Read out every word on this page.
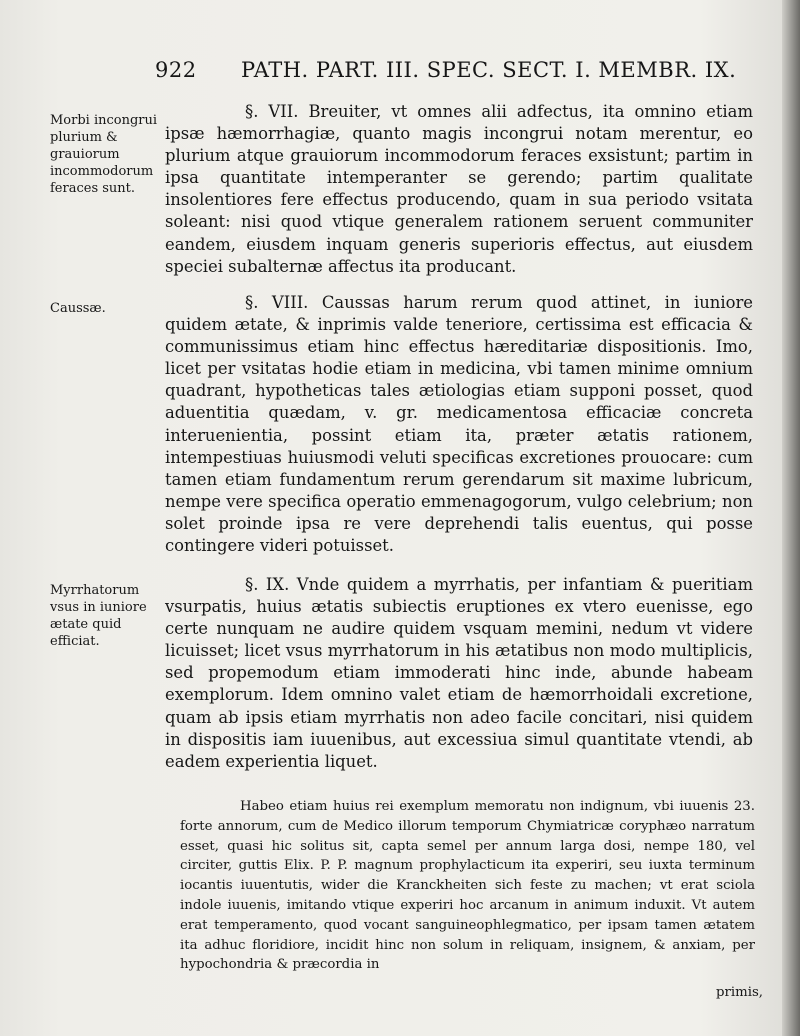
922 PATH. PART. III. SPEC. SECT. I. MEMBR. IX.
Morbi incongrui plurium & grauiorum incommodorum feraces sunt.
Caussæ.
Myrrhatorum vsus in iuniore ætate quid efficiat.

§. VII. Breuiter, vt omnes alii adfectus, ita omnino etiam ipsæ hæmorrhagiæ, quanto magis incongrui notam merentur, eo plurium atque grauiorum incommodorum feraces exsistunt; partim in ipsa quantitate intemperanter se gerendo; partim qualitate insolentiores fere effectus producendo, quam in sua periodo vsitata soleant: nisi quod vtique generalem rationem seruent communiter eandem, eiusdem inquam generis superioris effectus, aut eiusdem speciei subalternæ affectus ita producant.

§. VIII. Caussas harum rerum quod attinet, in iuniore quidem ætate, & inprimis valde teneriore, certissima est efficacia & communissimus etiam hinc effectus hæreditariæ dispositionis. Imo, licet per vsitatas hodie etiam in medicina, vbi tamen minime omnium quadrant, hypotheticas tales ætiologias etiam supponi posset, quod aduentitia quædam, v. gr. medicamentosa efficaciæ concreta interuenientia, possint etiam ita, præter ætatis rationem, intempestiuas huiusmodi veluti specificas excretiones prouocare: cum tamen etiam fundamentum rerum gerendarum sit maxime lubricum, nempe vere specifica operatio emmenagogorum, vulgo celebrium; non solet proinde ipsa re vere deprehendi talis euentus, qui posse contingere videri potuisset.

§. IX. Vnde quidem a myrrhatis, per infantiam & pueritiam vsurpatis, huius ætatis subiectis eruptiones ex vtero euenisse, ego certe nunquam ne audire quidem vsquam memini, nedum vt videre licuisset; licet vsus myrrhatorum in his ætatibus non modo multiplicis, sed propemodum etiam immoderati hinc inde, abunde habeam exemplorum. Idem omnino valet etiam de hæmorrhoidali excretione, quam ab ipsis etiam myrrhatis non adeo facile concitari, nisi quidem in dispositis iam iuuenibus, aut excessiua simul quantitate vtendi, ab eadem experientia liquet.

Habeo etiam huius rei exemplum memoratu non indignum, vbi iuuenis 23. forte annorum, cum de Medico illorum temporum Chymiatricæ coryphæo narratum esset, quasi hic solitus sit, capta semel per annum larga dosi, nempe 180, vel circiter, guttis Elix. P. P. magnum prophylacticum ita experiri, seu iuxta terminum iocantis iuuentutis, wider die Kranckheiten sich feste zu machen; vt erat sciola indole iuuenis, imitando vtique experiri hoc arcanum in animum induxit. Vt autem erat temperamento, quod vocant sanguineophlegmatico, per ipsam tamen ætatem ita adhuc floridiore, incidit hinc non solum in reliquam, insignem, & anxiam, per hypochondria & præcordia in

primis,
